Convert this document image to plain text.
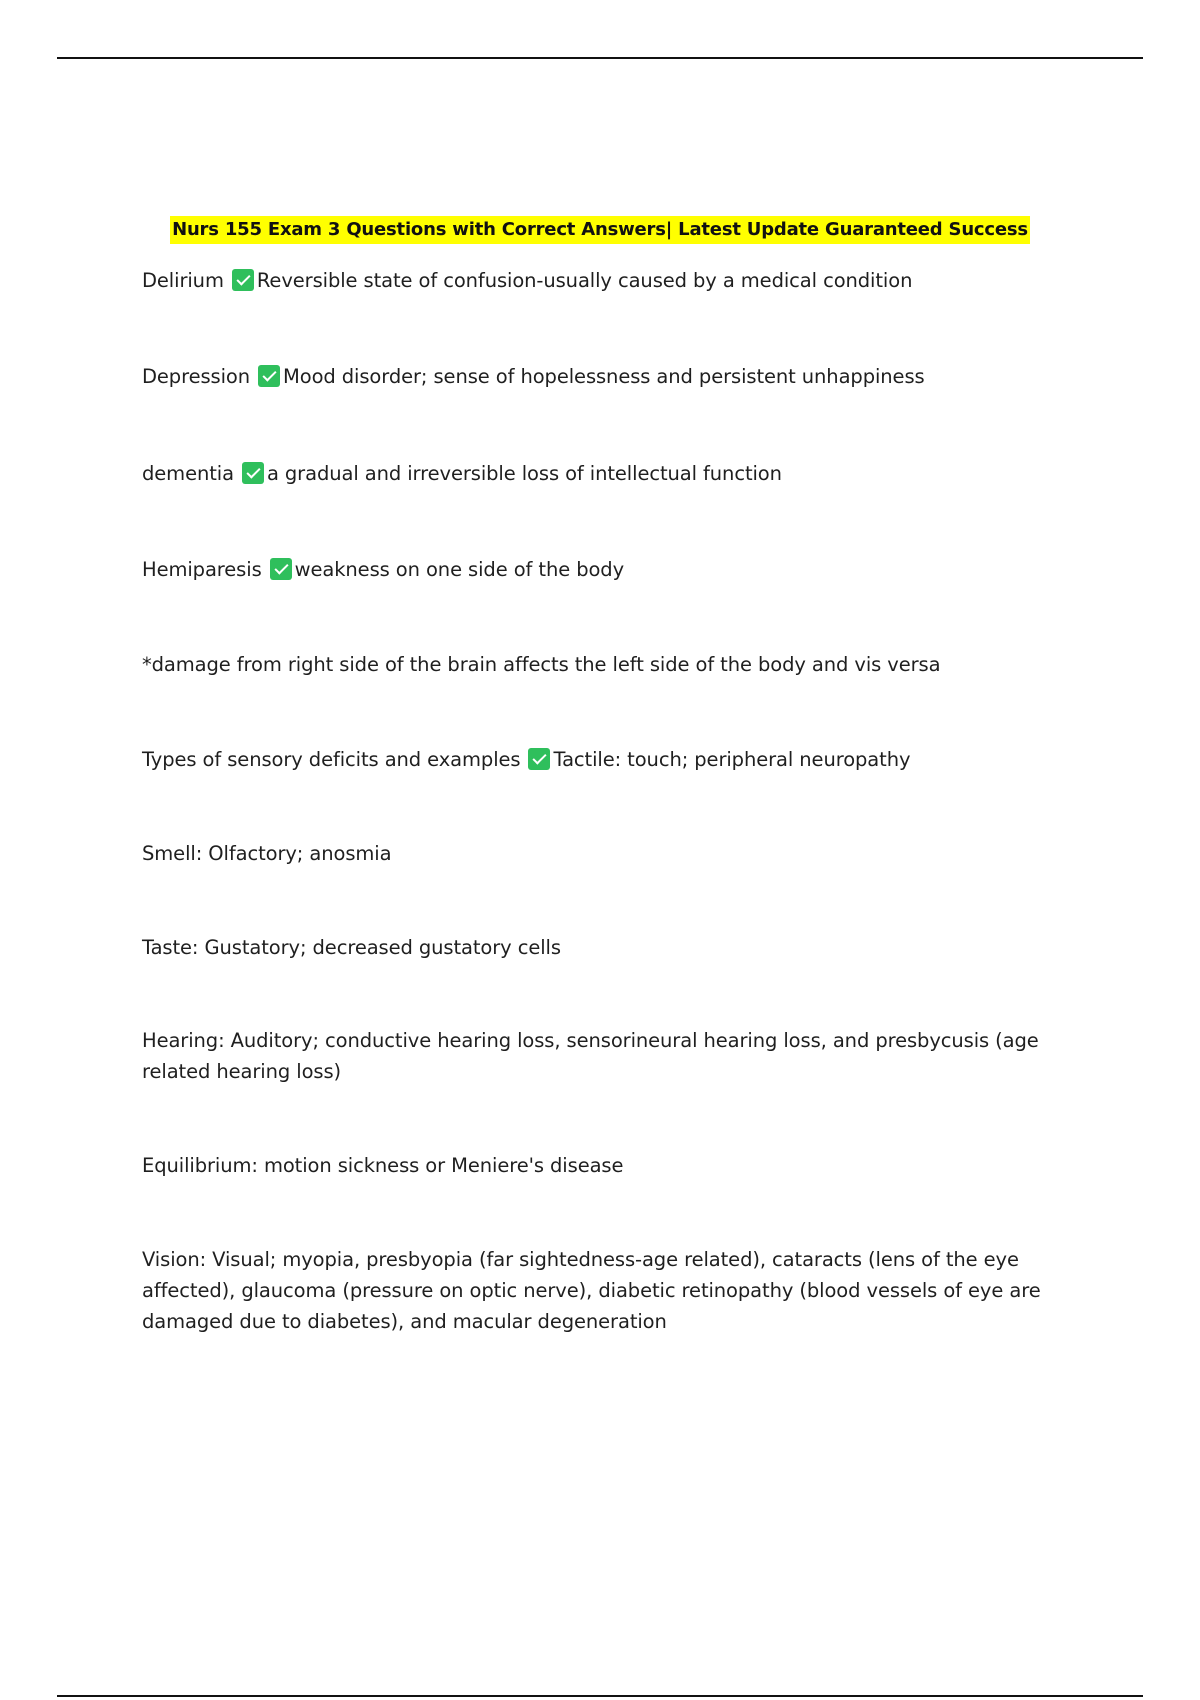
Nurs 155 Exam 3 Questions with Correct Answers| Latest Update Guaranteed Success
Delirium Reversible state of confusion-usually caused by a medical condition
Depression Mood disorder; sense of hopelessness and persistent unhappiness
dementia a gradual and irreversible loss of intellectual function
Hemiparesis weakness on one side of the body
*damage from right side of the brain affects the left side of the body and vis versa
Types of sensory deficits and examples Tactile: touch; peripheral neuropathy
Smell: Olfactory; anosmia
Taste: Gustatory; decreased gustatory cells
Hearing: Auditory; conductive hearing loss, sensorineural hearing loss, and presbycusis (age related hearing loss)
Equilibrium: motion sickness or Meniere's disease
Vision: Visual; myopia, presbyopia (far sightedness-age related), cataracts (lens of the eye affected), glaucoma (pressure on optic nerve), diabetic retinopathy (blood vessels of eye are damaged due to diabetes), and macular degeneration
